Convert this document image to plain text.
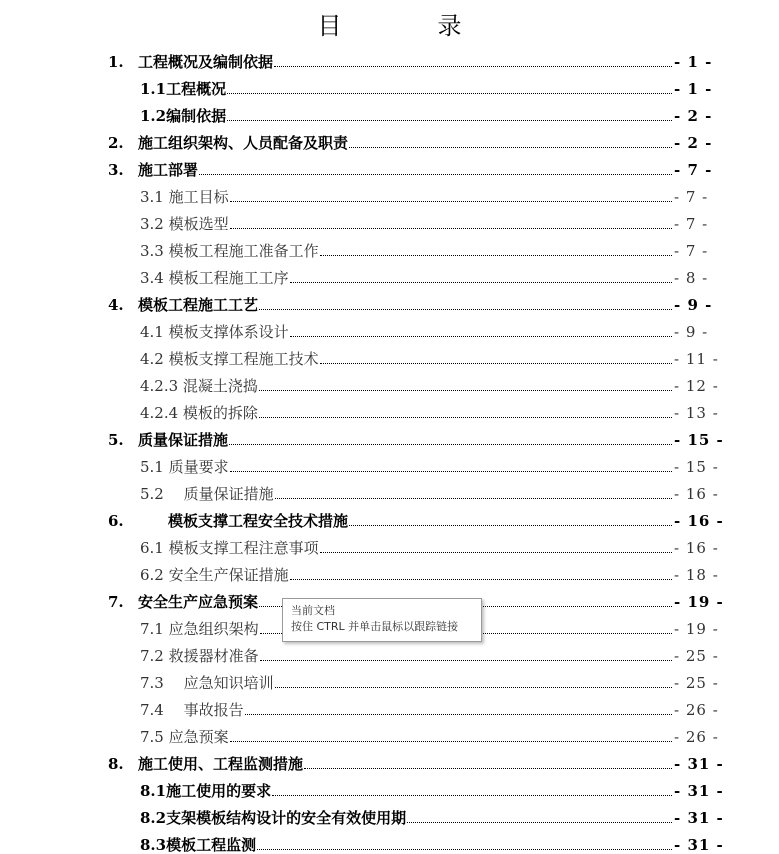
目　录
1. 工程概况及编制依据	- 1 -
1.1工程概况	- 1 -
1.2编制依据	- 2 -
2. 施工组织架构、人员配备及职责	- 2 -
3. 施工部署	- 7 -
3.1 施工目标	- 7 -
3.2 模板选型	- 7 -
3.3 模板工程施工准备工作	- 7 -
3.4 模板工程施工工序	- 8 -
4. 模板工程施工工艺	- 9 -
4.1 模板支撑体系设计	- 9 -
4.2 模板支撑工程施工技术	- 11 -
4.2.3 混凝土浇捣	- 12 -
4.2.4 模板的拆除	- 13 -
5. 质量保证措施	- 15 -
5.1 质量要求	- 15 -
5.2　 质量保证措施	- 16 -
6. 　　模板支撑工程安全技术措施	- 16 -
6.1 模板支撑工程注意事项	- 16 -
6.2 安全生产保证措施	- 18 -
7. 安全生产应急预案	- 19 -
7.1 应急组织架构	- 19 -
7.2 救援器材准备	- 25 -
7.3　 应急知识培训	- 25 -
7.4　 事故报告	- 26 -
7.5 应急预案	- 26 -
8. 施工使用、工程监测措施	- 31 -
8.1施工使用的要求	- 31 -
8.2支架模板结构设计的安全有效使用期	- 31 -
8.3模板工程监测	- 31 -
当前文档
按住 CTRL 并单击鼠标以跟踪链接
